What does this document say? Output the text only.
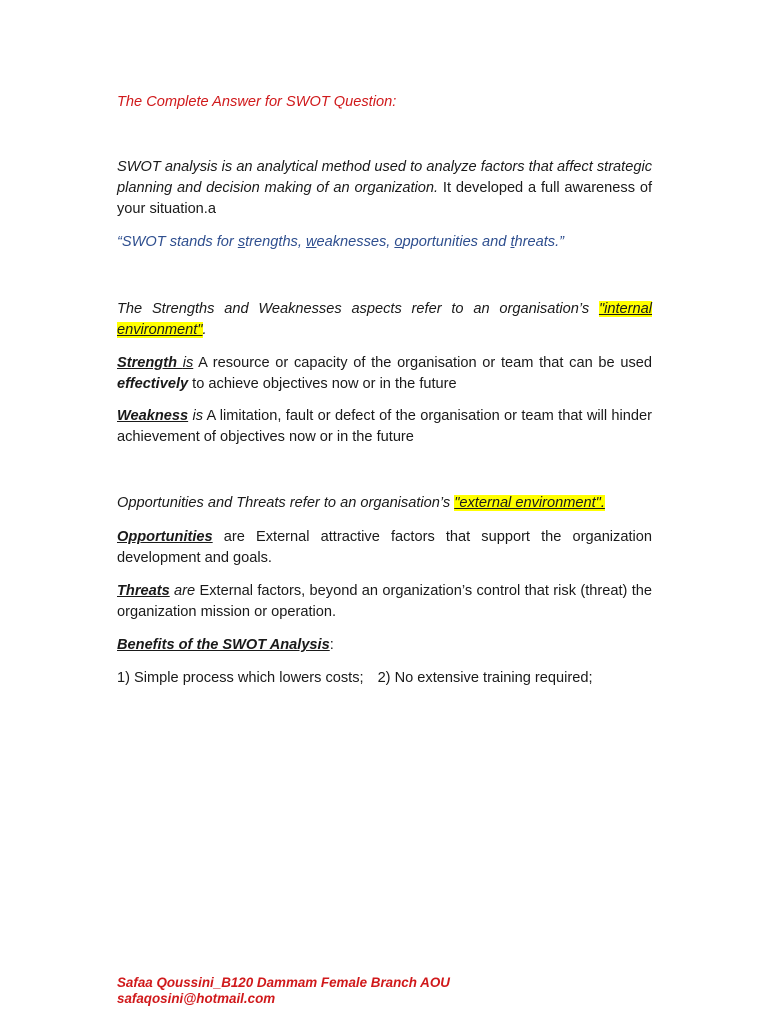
The Complete Answer for SWOT Question:

SWOT analysis is an analytical method used to analyze factors that affect strategic planning and decision making of an organization. It developed a full awareness of your situation.a

“SWOT stands for strengths, weaknesses, opportunities and threats.”

The Strengths and Weaknesses aspects refer to an organisation’s "internal environment".

Strength is A resource or capacity of the organisation or team that can be used effectively to achieve objectives now or in the future

Weakness is A limitation, fault or defect of the organisation or team that will hinder achievement of objectives now or in the future

Opportunities and Threats refer to an organisation’s "external environment".

Opportunities are External attractive factors that support the organization development and goals.

Threats are External factors, beyond an organization’s control that risk (threat) the organization mission or operation.

Benefits of the SWOT Analysis:

1) Simple process which lowers costs; 2) No extensive training required;

Safaa Qoussini_B120 Dammam Female Branch AOU
safaqosini@hotmail.com
